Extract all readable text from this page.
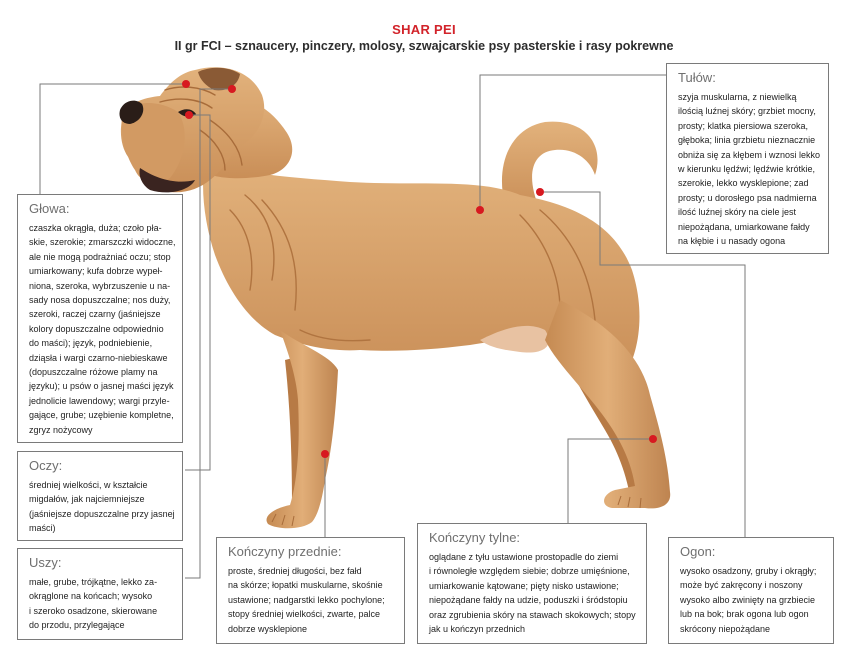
SHAR PEI
II gr FCI – sznaucery, pinczery, molosy, szwajcarskie psy pasterskie i rasy pokrewne
Głowa:
czaszka okrągła, duża; czoło pła-
skie, szerokie; zmarszczki widoczne,
ale nie mogą podrażniać oczu; stop
umiarkowany; kufa dobrze wypeł-
niona, szeroka, wybrzuszenie u na-
sady nosa dopuszczalne; nos duży,
szeroki, raczej czarny (jaśniejsze
kolory dopuszczalne odpowiednio
do maści); język, podniebienie,
dziąsła i wargi czarno-niebieskawe
(dopuszczalne różowe plamy na
języku); u psów o jasnej maści język
jednolicie lawendowy; wargi przyle-
gające, grube; uzębienie kompletne,
zgryz nożycowy
Oczy:
średniej wielkości, w kształcie
migdałów, jak najciemniejsze
(jaśniejsze dopuszczalne przy jasnej
maści)
Uszy:
małe, grube, trójkątne, lekko za-
okrąglone na końcach; wysoko
i szeroko osadzone, skierowane
do przodu, przylegające
Kończyny przednie:
proste, średniej długości, bez fałd
na skórze; łopatki muskularne, skośnie
ustawione; nadgarstki lekko pochylone;
stopy średniej wielkości, zwarte, palce
dobrze wysklepione
Kończyny tylne:
oglądane z tyłu ustawione prostopadle do ziemi
i równoległe względem siebie; dobrze umięśnione,
umiarkowanie kątowane; pięty nisko ustawione;
niepożądane fałdy na udzie, poduszki i śródstopiu
oraz zgrubienia skóry na stawach skokowych; stopy
jak u kończyn przednich
Ogon:
wysoko osadzony, gruby i okrągły;
może być zakręcony i noszony
wysoko albo zwinięty na grzbiecie
lub na bok; brak ogona lub ogon
skrócony niepożądane
Tułów:
szyja muskularna, z niewielką
ilością luźnej skóry; grzbiet mocny,
prosty; klatka piersiowa szeroka,
głęboka; linia grzbietu nieznacznie
obniża się za kłębem i wznosi lekko
w kierunku lędźwi; lędźwie krótkie,
szerokie, lekko wysklepione; zad
prosty; u dorosłego psa nadmierna
ilość luźnej skóry na ciele jest
niepożądana, umiarkowane fałdy
na kłębie i u nasady ogona
